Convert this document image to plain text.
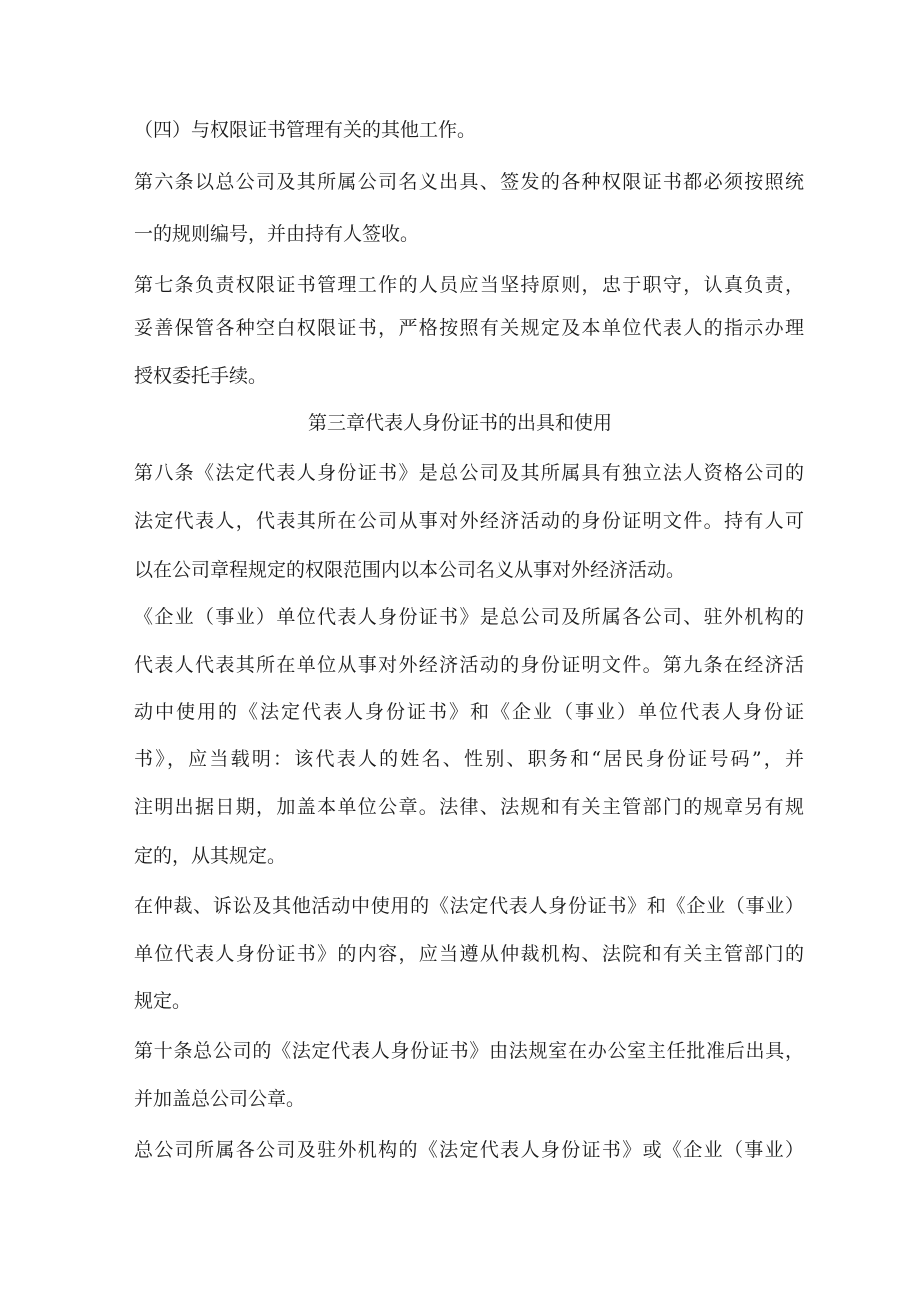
（四）与权限证书管理有关的其他工作。

第六条以总公司及其所属公司名义出具、签发的各种权限证书都必须按照统

一的规则编号，并由持有人签收。

第七条负责权限证书管理工作的人员应当坚持原则，忠于职守，认真负责，

妥善保管各种空白权限证书，严格按照有关规定及本单位代表人的指示办理

授权委托手续。

第三章代表人身份证书的出具和使用

第八条《法定代表人身份证书》是总公司及其所属具有独立法人资格公司的

法定代表人，代表其所在公司从事对外经济活动的身份证明文件。持有人可

以在公司章程规定的权限范围内以本公司名义从事对外经济活动。

《企业（事业）单位代表人身份证书》是总公司及所属各公司、驻外机构的

代表人代表其所在单位从事对外经济活动的身份证明文件。第九条在经济活

动中使用的《法定代表人身份证书》和《企业（事业）单位代表人身份证

书》，应当载明：该代表人的姓名、性别、职务和“居民身份证号码”，并

注明出据日期，加盖本单位公章。法律、法规和有关主管部门的规章另有规

定的，从其规定。

在仲裁、诉讼及其他活动中使用的《法定代表人身份证书》和《企业（事业）

单位代表人身份证书》的内容，应当遵从仲裁机构、法院和有关主管部门的

规定。

第十条总公司的《法定代表人身份证书》由法规室在办公室主任批准后出具，

并加盖总公司公章。

总公司所属各公司及驻外机构的《法定代表人身份证书》或《企业（事业）
